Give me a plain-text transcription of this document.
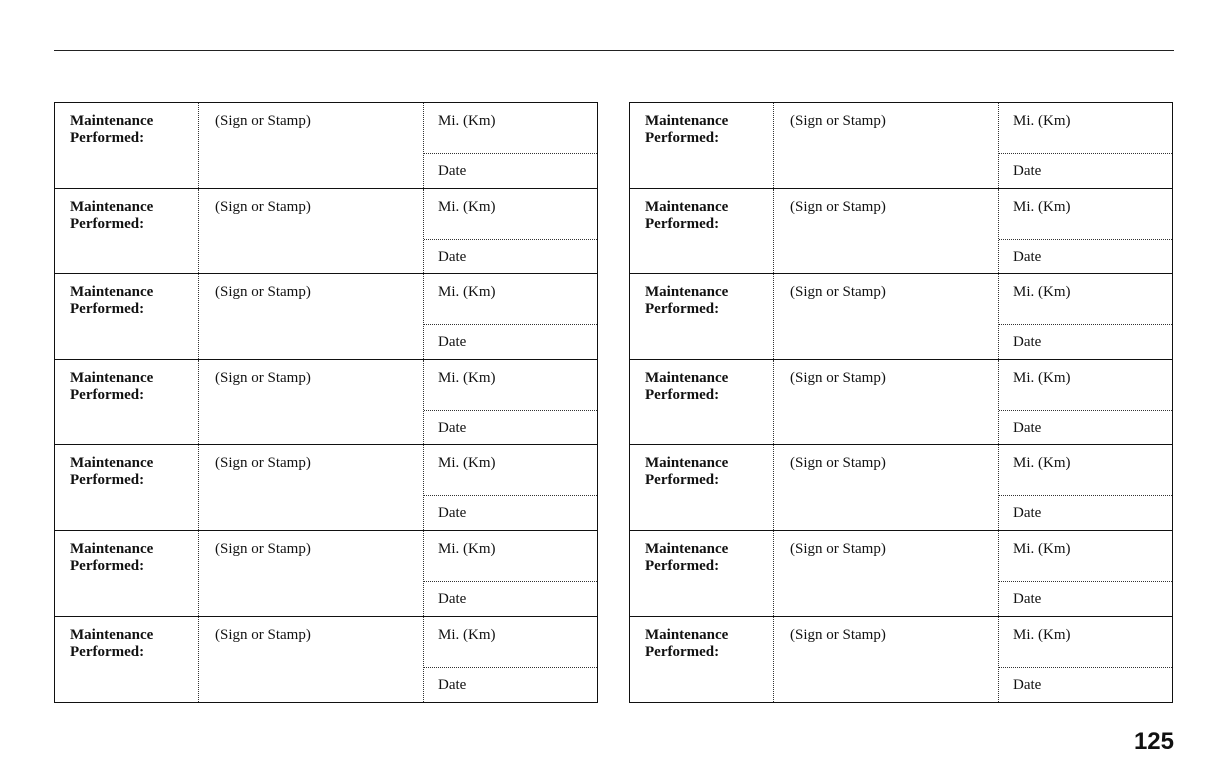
Maintenance
Performed:
(Sign or Stamp)	Mi. (Km)
Date
Maintenance
Performed:
(Sign or Stamp)	Mi. (Km)
Date
Maintenance
Performed:
(Sign or Stamp)	Mi. (Km)
Date
Maintenance
Performed:
(Sign or Stamp)	Mi. (Km)
Date
Maintenance
Performed:
(Sign or Stamp)	Mi. (Km)
Date
Maintenance
Performed:
(Sign or Stamp)	Mi. (Km)
Date
Maintenance
Performed:
(Sign or Stamp)	Mi. (Km)
Date
Maintenance
Performed:
(Sign or Stamp)	Mi. (Km)
Date
Maintenance
Performed:
(Sign or Stamp)	Mi. (Km)
Date
Maintenance
Performed:
(Sign or Stamp)	Mi. (Km)
Date
Maintenance
Performed:
(Sign or Stamp)	Mi. (Km)
Date
Maintenance
Performed:
(Sign or Stamp)	Mi. (Km)
Date
Maintenance
Performed:
(Sign or Stamp)	Mi. (Km)
Date
Maintenance
Performed:
(Sign or Stamp)	Mi. (Km)
Date
125
